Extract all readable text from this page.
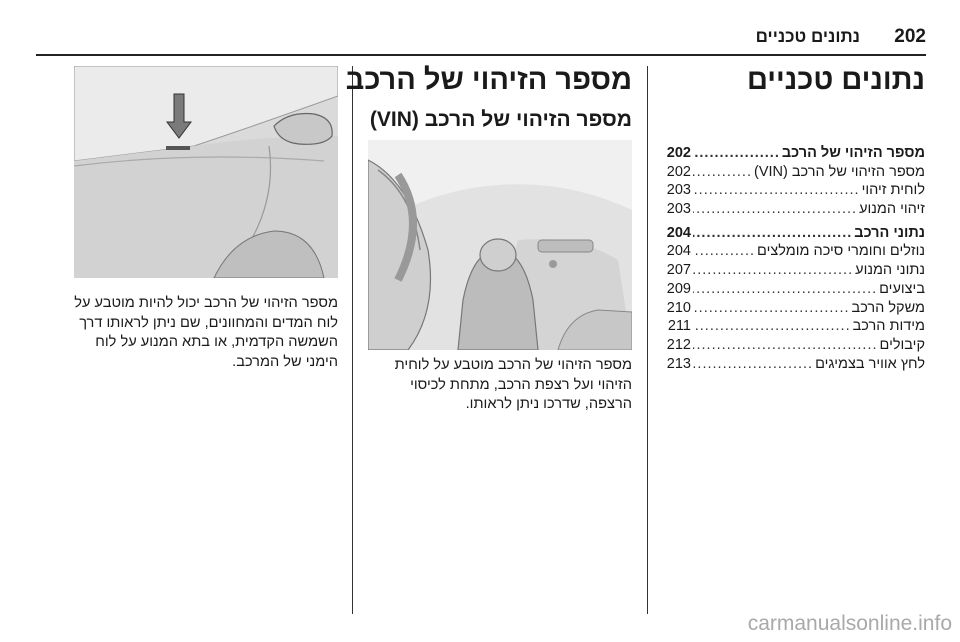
202
נתונים טכניים
נתונים טכניים
מספר הזיהוי של הרכב
.....
202
מספר הזיהוי של הרכב (VIN)
.....
202
לוחית זיהוי
.....
203
זיהוי המנוע
.....
203
נתוני הרכב
.....
204
נוזלים וחומרי סיכה מומלצים
.....
204
נתוני המנוע
.....
207
ביצועים
.....
209
משקל הרכב
.....
210
מידות הרכב
.....
211
קיבולים
.....
212
לחץ אוויר בצמיגים
.....
213
מספר הזיהוי של הרכב
מספר הזיהוי של הרכב (VIN)

מספר הזיהוי של הרכב מוטבע על לוחית הזיהוי ועל רצפת הרכב, מתחת לכיסוי הרצפה, שדרכו ניתן לראותו.

מספר הזיהוי של הרכב יכול להיות מוטבע על לוח המדים והמחוונים, שם ניתן לראותו דרך השמשה הקדמית, או בתא המנוע על לוח הימני של המרכב.

carmanualsonline.info
